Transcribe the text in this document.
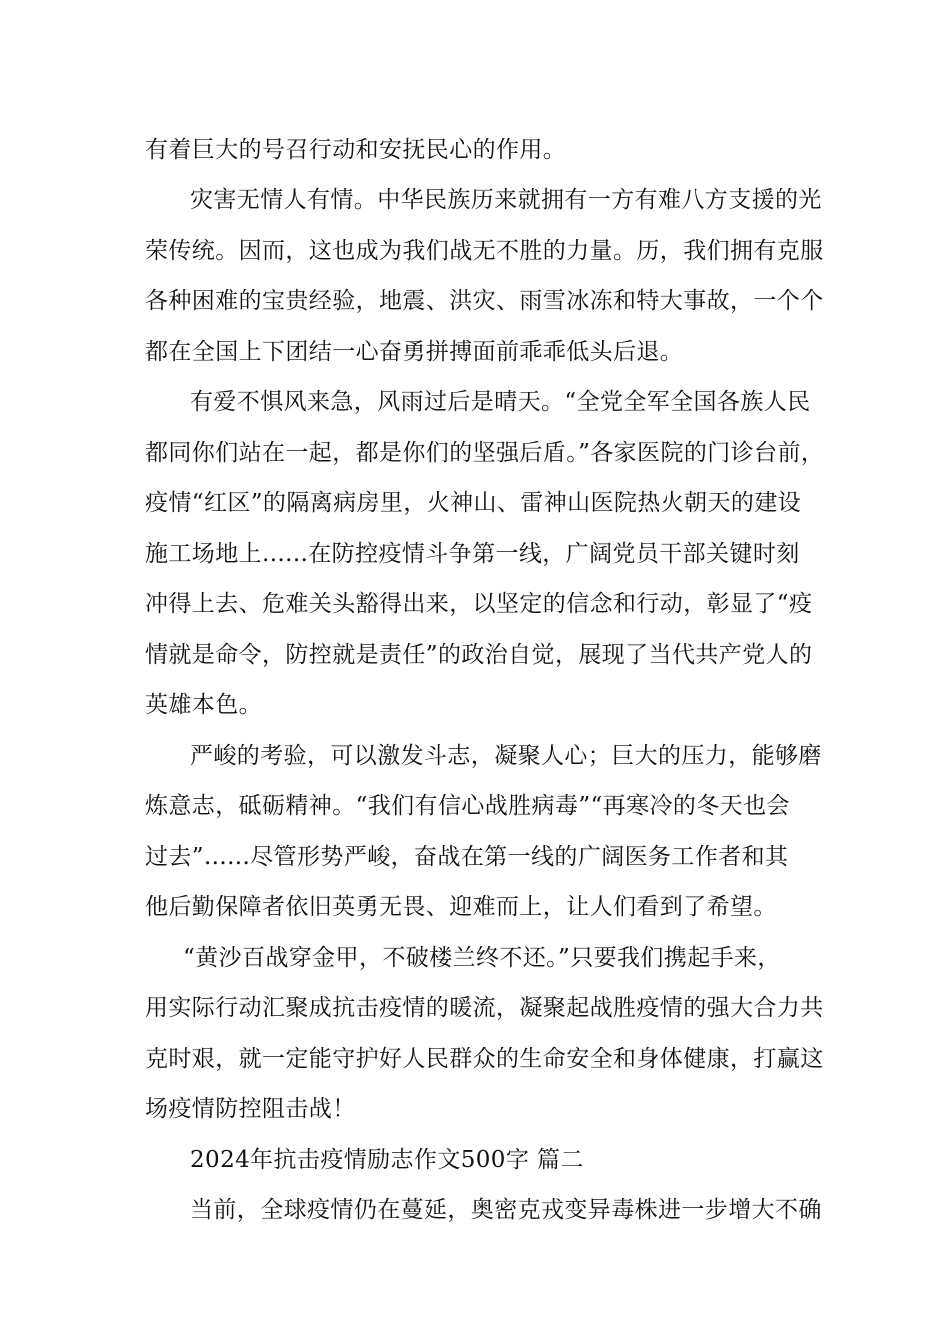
有着巨大的号召行动和安抚民心的作用。
灾害无情人有情。中华民族历来就拥有一方有难八方支援的光
荣传统。因而，这也成为我们战无不胜的力量。历，我们拥有克服
各种困难的宝贵经验，地震、洪灾、雨雪冰冻和特大事故，一个个
都在全国上下团结一心奋勇拼搏面前乖乖低头后退。
有爱不惧风来急，风雨过后是晴天。“全党全军全国各族人民
都同你们站在一起，都是你们的坚强后盾。”各家医院的门诊台前，
疫情“红区”的隔离病房里，火神山、雷神山医院热火朝天的建设
施工场地上......在防控疫情斗争第一线，广阔党员干部关键时刻
冲得上去、危难关头豁得出来，以坚定的信念和行动，彰显了“疫
情就是命令，防控就是责任”的政治自觉，展现了当代共产党人的
英雄本色。
严峻的考验，可以激发斗志，凝聚人心；巨大的压力，能够磨
炼意志，砥砺精神。“我们有信心战胜病毒”“再寒冷的冬天也会
过去”......尽管形势严峻，奋战在第一线的广阔医务工作者和其
他后勤保障者依旧英勇无畏、迎难而上，让人们看到了希望。
“黄沙百战穿金甲，不破楼兰终不还。”只要我们携起手来，
用实际行动汇聚成抗击疫情的暖流，凝聚起战胜疫情的强大合力共
克时艰，就一定能守护好人民群众的生命安全和身体健康，打赢这
场疫情防控阻击战！
2024年抗击疫情励志作文500字 篇二
当前，全球疫情仍在蔓延，奥密克戎变异毒株进一步增大不确
